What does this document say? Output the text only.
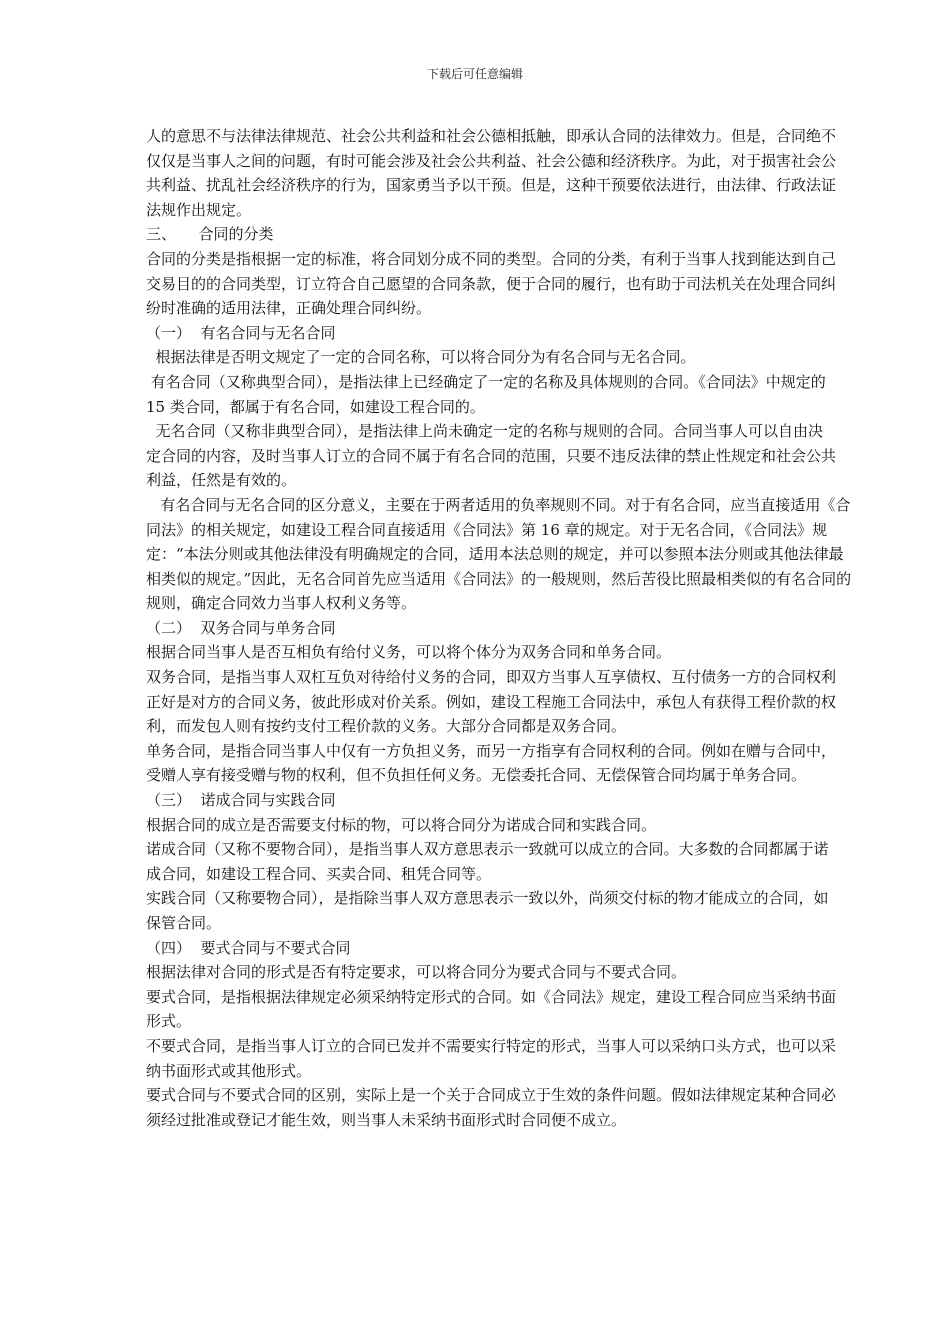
下载后可任意编辑

人的意思不与法律法律规范、社会公共利益和社会公德相抵触，即承认合同的法律效力。但是，合同绝不仅仅是当事人之间的问题，有时可能会涉及社会公共利益、社会公德和经济秩序。为此，对于损害社会公共利益、扰乱社会经济秩序的行为，国家勇当予以干预。但是，这种干预要依法进行，由法律、行政法证法规作出规定。

三、　　合同的分类

合同的分类是指根据一定的标准，将合同划分成不同的类型。合同的分类，有利于当事人找到能达到自己交易目的的合同类型，订立符合自己愿望的合同条款，便于合同的履行，也有助于司法机关在处理合同纠纷时准确的适用法律，正确处理合同纠纷。

（一）  有名合同与无名合同

根据法律是否明文规定了一定的合同名称，可以将合同分为有名合同与无名合同。

有名合同（又称典型合同），是指法律上已经确定了一定的名称及具体规则的合同。《合同法》中规定的 15 类合同，都属于有名合同，如建设工程合同的。

无名合同（又称非典型合同），是指法律上尚未确定一定的名称与规则的合同。合同当事人可以自由决定合同的内容，及时当事人订立的合同不属于有名合同的范围，只要不违反法律的禁止性规定和社会公共利益，任然是有效的。

有名合同与无名合同的区分意义，主要在于两者适用的负率规则不同。对于有名合同，应当直接适用《合同法》的相关规定，如建设工程合同直接适用《合同法》第 16 章的规定。对于无名合同，《合同法》规定：“本法分则或其他法律没有明确规定的合同，适用本法总则的规定，并可以参照本法分则或其他法律最相类似的规定。”因此，无名合同首先应当适用《合同法》的一般规则，然后苦役比照最相类似的有名合同的规则，确定合同效力当事人权利义务等。

（二）  双务合同与单务合同

根据合同当事人是否互相负有给付义务，可以将个体分为双务合同和单务合同。

双务合同，是指当事人双杠互负对待给付义务的合同，即双方当事人互享债权、互付债务一方的合同权利正好是对方的合同义务，彼此形成对价关系。例如，建设工程施工合同法中，承包人有获得工程价款的权利，而发包人则有按约支付工程价款的义务。大部分合同都是双务合同。

单务合同，是指合同当事人中仅有一方负担义务，而另一方指享有合同权利的合同。例如在赠与合同中，受赠人享有接受赠与物的权利，但不负担任何义务。无偿委托合同、无偿保管合同均属于单务合同。

（三）  诺成合同与实践合同

根据合同的成立是否需要支付标的物，可以将合同分为诺成合同和实践合同。

诺成合同（又称不要物合同），是指当事人双方意思表示一致就可以成立的合同。大多数的合同都属于诺成合同，如建设工程合同、买卖合同、租凭合同等。

实践合同（又称要物合同），是指除当事人双方意思表示一致以外，尚须交付标的物才能成立的合同，如 保管合同。

（四）  要式合同与不要式合同

根据法律对合同的形式是否有特定要求，可以将合同分为要式合同与不要式合同。

要式合同，是指根据法律规定必须采纳特定形式的合同。如《合同法》规定，建设工程合同应当采纳书面形式。

不要式合同，是指当事人订立的合同已发并不需要实行特定的形式，当事人可以采纳口头方式，也可以采纳书面形式或其他形式。

要式合同与不要式合同的区别，实际上是一个关于合同成立于生效的条件问题。假如法律规定某种合同必须经过批准或登记才能生效，则当事人未采纳书面形式时合同便不成立。
